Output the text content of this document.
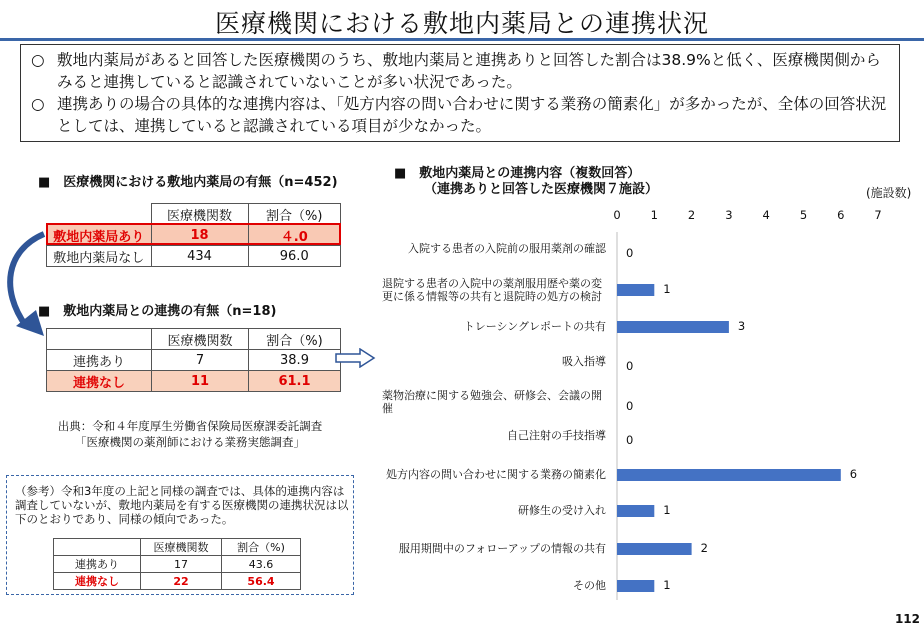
医療機関における敷地内薬局との連携状況
○ 敷地内薬局があると回答した医療機関のうち、敷地内薬局と連携ありと回答した割合は38.9%と低く、医療機関側からみると連携していると認識されていないことが多い状況であった。
○ 連携ありの場合の具体的な連携内容は、「処方内容の問い合わせに関する業務の簡素化」が多かったが、全体の回答状況としては、連携していると認識されている項目が少なかった。
■　医療機関における敷地内薬局の有無（n=452)
	医療機関数	割合（%)
敷地内薬局あり	18	４.0
敷地内薬局なし	434	96.0
■　敷地内薬局との連携の有無（n=18)
	医療機関数	割合（%)
連携あり	7	38.9
連携なし	11	61.1
出典：令和４年度厚生労働省保険局医療課委託調査
「医療機関の薬剤師における業務実態調査」
（参考）令和3年度の上記と同様の調査では、具体的連携内容は調査していないが、敷地内薬局を有する医療機関の連携状況は以下のとおりであり、同様の傾向であった。
	医療機関数	割合（%)
連携あり	17	43.6
連携なし	22	56.4
■　敷地内薬局との連携内容（複数回答）
（連携ありと回答した医療機関７施設）	(施設数)
0	1	2	3	4	5	6	7
入院する患者の入院前の服用薬剤の確認 0
退院する患者の入院中の薬剤服用歴や薬の変更に係る情報等の共有と退院時の処方の検討
1
トレーシングレポートの共有	3
吸入指導 0
薬物治療に関する勉強会、研修会、会議の開催	0
自己注射の手技指導 0
処方内容の問い合わせに関する業務の簡素化	6
研修生の受け入れ	1
服用期間中のフォローアップの情報の共有	2
その他	1
112
